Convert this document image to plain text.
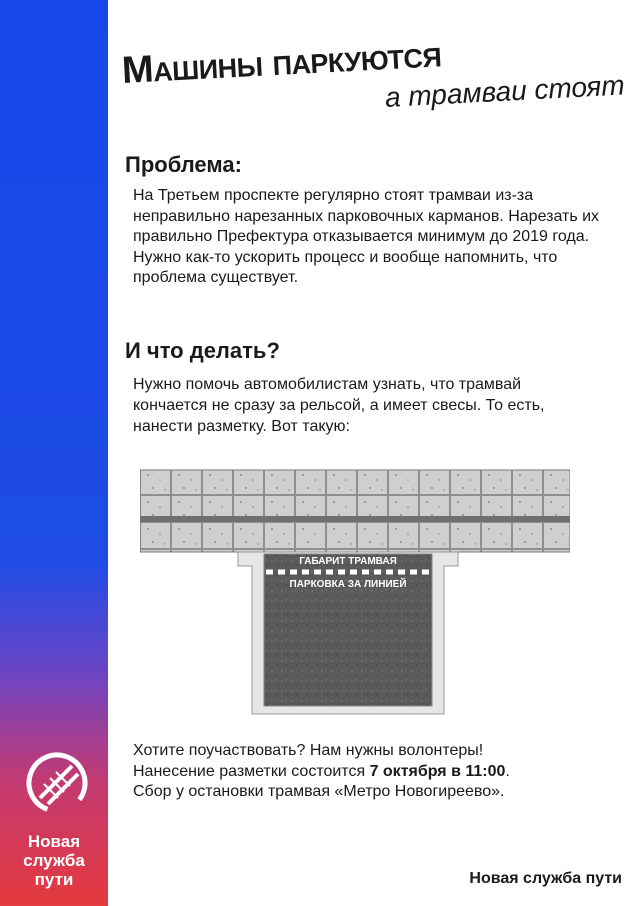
Новая
служба
пути
Машины паркуются
а трамваи стоят
Проблема:
На Третьем проспекте регулярно стоят трамваи из-за неправильно нарезанных парковочных карманов. Нарезать их правильно Префектура отказывается минимум до 2019 года. Нужно как-то ускорить процесс и вообще напомнить, что проблема существует.
И что делать?
Нужно помочь автомобилистам узнать, что трамвай кончается не сразу за рельсой, а имеет свесы. То есть, нанести разметку. Вот такую:
ГАБАРИТ ТРАМВАЯ
ПАРКОВКА ЗА ЛИНИЕЙ
Хотите поучаствовать? Нам нужны волонтеры!
Нанесение разметки состоится 7 октября в 11:00.
Сбор у остановки трамвая «Метро Новогиреево».
Новая служба пути
